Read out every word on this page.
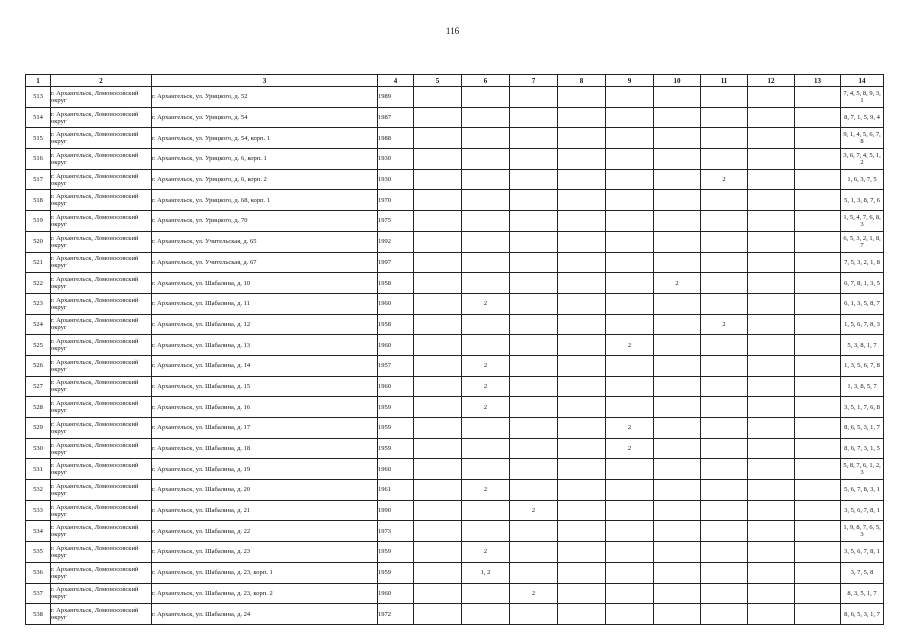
116
1	2	3	4	5	6	7	8	9	10	11	12	13	14
513	г. Архангельск, Ломоносовский округ	г. Архангельск, ул. Урицкого, д. 52	1989										7, 4, 5, 8, 9, 3, 1
514	г. Архангельск, Ломоносовский округ	г. Архангельск, ул. Урицкого, д. 54	1987										8, 7, 1, 5, 9, 4
515	г. Архангельск, Ломоносовский округ	г. Архангельск, ул. Урицкого, д. 54, корп. 1	1988										9, 1, 4, 5, 6, 7, 8
516	г. Архангельск, Ломоносовский округ	г. Архангельск, ул. Урицкого, д. 6, корп. 1	1930										3, 6, 7, 4, 5, 1, 2
517	г. Архангельск, Ломоносовский округ	г. Архангельск, ул. Урицкого, д. 6, корп. 2	1930							2			1, 6, 3, 7, 5
518	г. Архангельск, Ломоносовский округ	г. Архангельск, ул. Урицкого, д. 68, корп. 1	1970										5, 1, 3, 8, 7, 6
519	г. Архангельск, Ломоносовский округ	г. Архангельск, ул. Урицкого, д. 70	1975										1, 5, 4, 7, 6, 8, 3
520	г. Архангельск, Ломоносовский округ	г. Архангельск, ул. Учительская, д. 65	1992										6, 5, 3, 2, 1, 8, 7
521	г. Архангельск, Ломоносовский округ	г. Архангельск, ул. Учительская, д. 67	1997										7, 5, 3, 2, 1, 8
522	г. Архангельск, Ломоносовский округ	г. Архангельск, ул. Шабалина, д. 10	1958						2				6, 7, 8, 1, 3, 5
523	г. Архангельск, Ломоносовский округ	г. Архангельск, ул. Шабалина, д. 11	1960		2								6, 1, 3, 5, 8, 7
524	г. Архангельск, Ломоносовский округ	г. Архангельск, ул. Шабалина, д. 12	1958							2			1, 5, 6, 7, 8, 3
525	г. Архангельск, Ломоносовский округ	г. Архангельск, ул. Шабалина, д. 13	1960					2					5, 3, 8, 1, 7
526	г. Архангельск, Ломоносовский округ	г. Архангельск, ул. Шабалина, д. 14	1957		2								1, 3, 5, 6, 7, 8
527	г. Архангельск, Ломоносовский округ	г. Архангельск, ул. Шабалина, д. 15	1960		2								1, 3, 8, 5, 7
528	г. Архангельск, Ломоносовский округ	г. Архангельск, ул. Шабалина, д. 16	1959		2								3, 5, 1, 7, 6, 8
529	г. Архангельск, Ломоносовский округ	г. Архангельск, ул. Шабалина, д. 17	1959					2					8, 6, 5, 3, 1, 7
530	г. Архангельск, Ломоносовский округ	г. Архангельск, ул. Шабалина, д. 18	1959					2					8, 6, 7, 3, 1, 5
531	г. Архангельск, Ломоносовский округ	г. Архангельск, ул. Шабалина, д. 19	1960										5, 8, 7, 6, 1, 2, 3
532	г. Архангельск, Ломоносовский округ	г. Архангельск, ул. Шабалина, д. 20	1961		2								5, 6, 7, 8, 3, 1
533	г. Архангельск, Ломоносовский округ	г. Архангельск, ул. Шабалина, д. 21	1990			2							3, 5, 6, 7, 8, 1
534	г. Архангельск, Ломоносовский округ	г. Архангельск, ул. Шабалина, д. 22	1973										1, 9, 8, 7, 6, 5, 3
535	г. Архангельск, Ломоносовский округ	г. Архангельск, ул. Шабалина, д. 23	1959		2								3, 5, 6, 7, 8, 1
536	г. Архангельск, Ломоносовский округ	г. Архангельск, ул. Шабалина, д. 23, корп. 1	1959		1, 2								3, 7, 5, 8
537	г. Архангельск, Ломоносовский округ	г. Архангельск, ул. Шабалина, д. 23, корп. 2	1960			2							8, 3, 5, 1, 7
538	г. Архангельск, Ломоносовский округ	г. Архангельск, ул. Шабалина, д. 24	1972										8, 6, 5, 3, 1, 7
